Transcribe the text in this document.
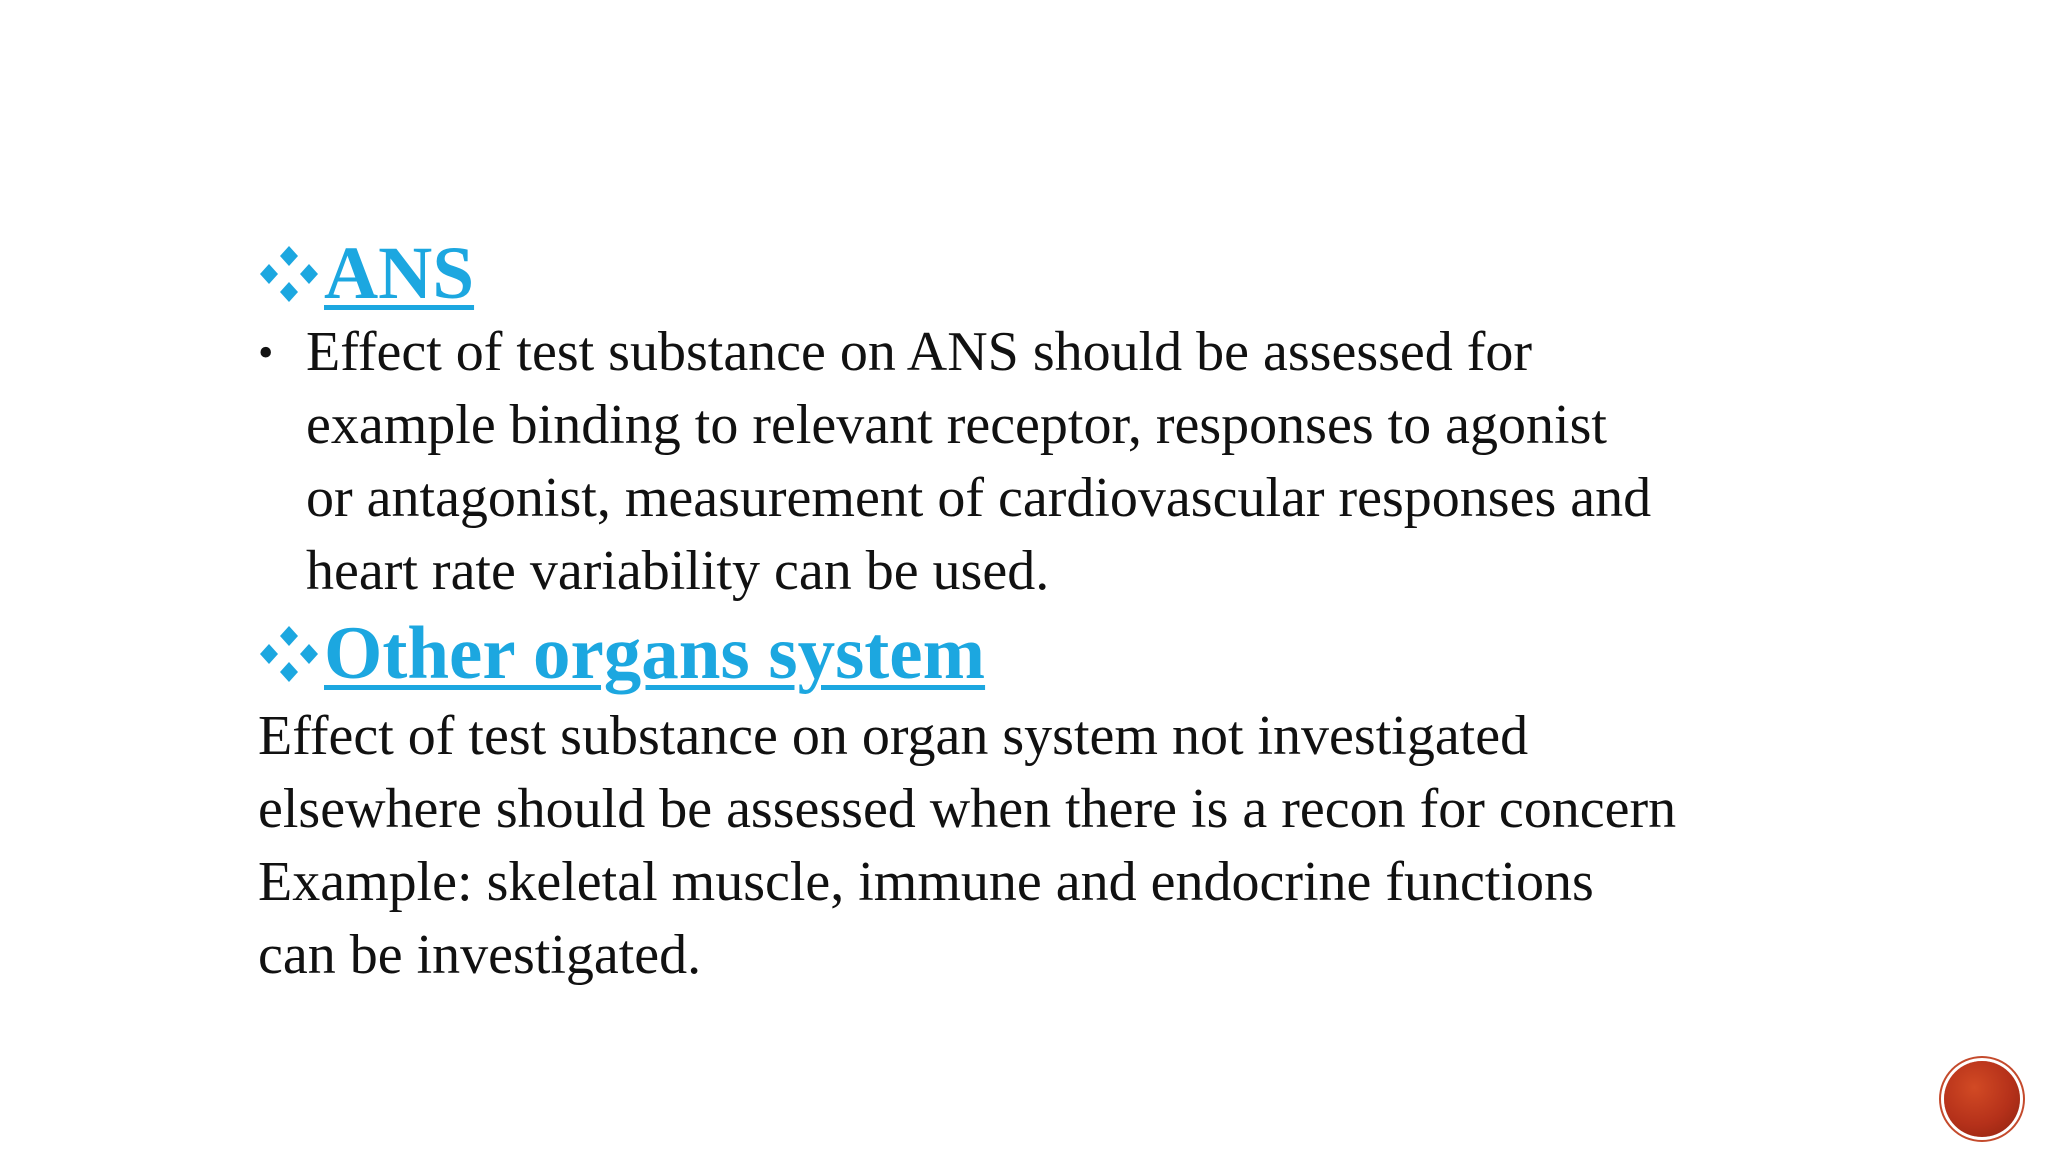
ANS
• Effect of test substance on ANS should be assessed for example binding to relevant receptor, responses to agonist or antagonist, measurement of cardiovascular responses and heart rate variability can be used.
Other organs system
Effect of test substance on organ system not investigated elsewhere should be assessed when there is a recon for concern
Example: skeletal muscle, immune and endocrine functions can be investigated.
